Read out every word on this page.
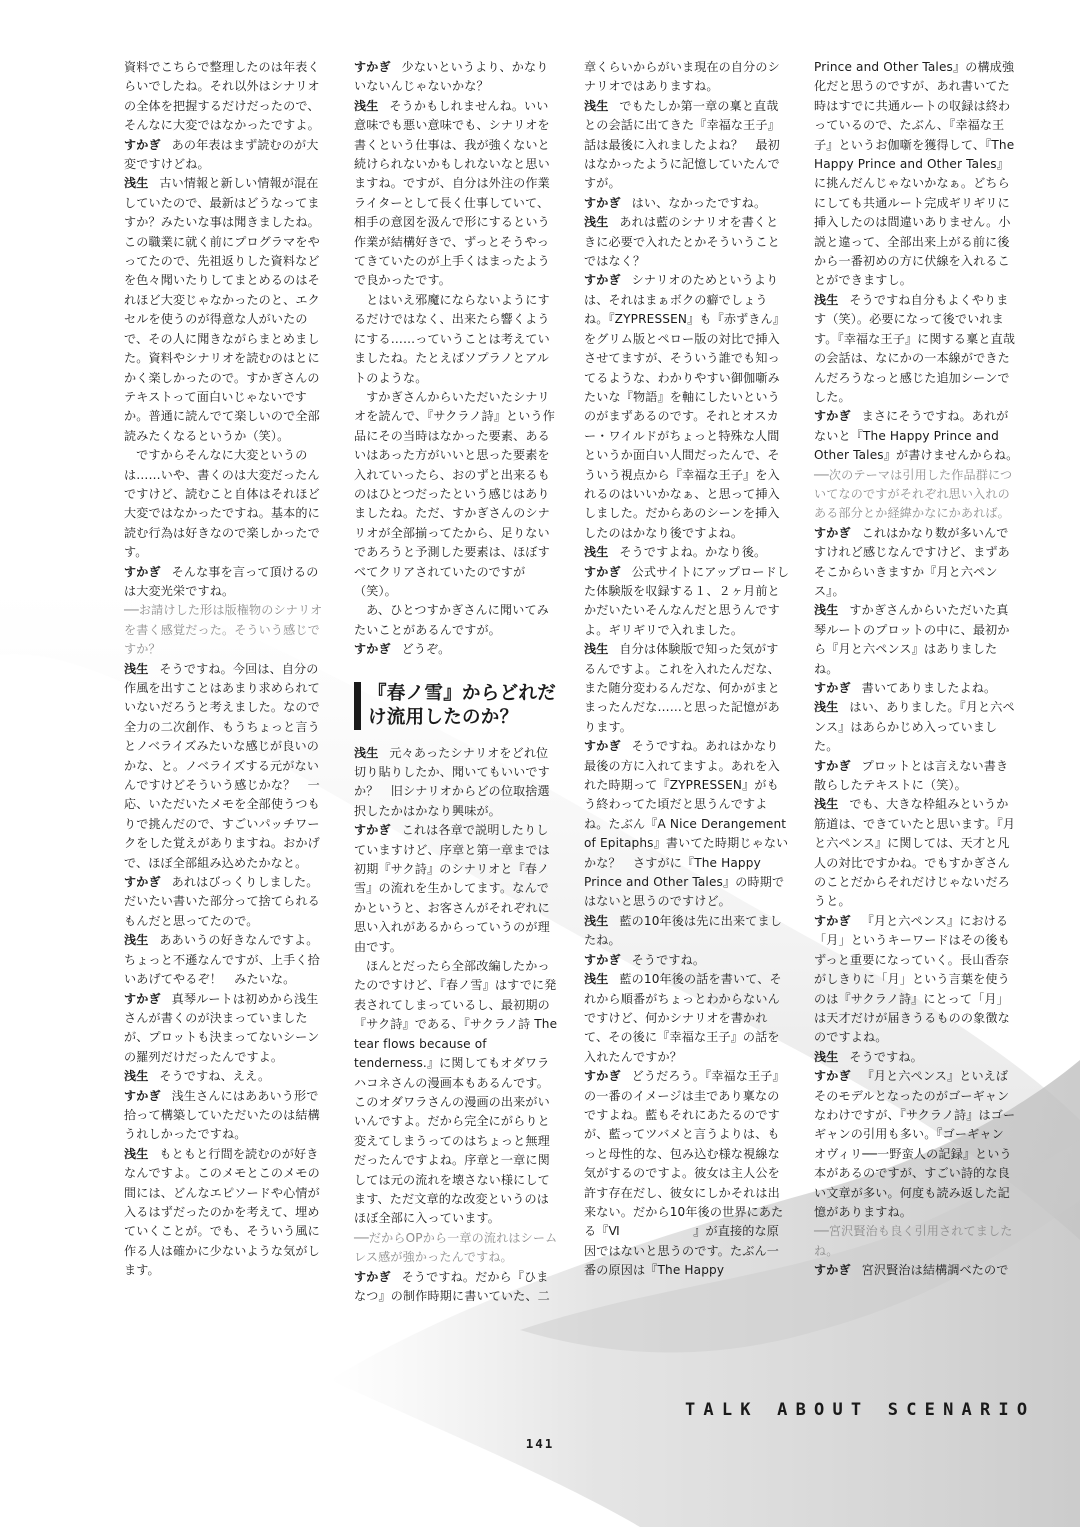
資料でこちらで整理したのは年表くらいでしたね。それ以外はシナリオの全体を把握するだけだったので、そんなに大変ではなかったですよ。

すかぎ あの年表はまず読むのが大変ですけどね。

浅生 古い情報と新しい情報が混在していたので、最新はどうなってますか？みたいな事は聞きましたね。この職業に就く前にプログラマをやってたので、先祖返りした資料などを色々聞いたりしてまとめるのはそれほど大変じゃなかったのと、エクセルを使うのが得意な人がいたので、その人に聞きながらまとめました。資料やシナリオを読むのはとにかく楽しかったので。すかぎさんのテキストって面白いじゃないですか。普通に読んでて楽しいので全部読みたくなるというか（笑）。

ですからそんなに大変というのは……いや、書くのは大変だったんですけど、読むこと自体はそれほど大変ではなかったですね。基本的に読む行為は好きなので楽しかったです。

すかぎ そんな事を言って頂けるのは大変光栄ですね。

──お請けした形は版権物のシナリオを書く感覚だった。そういう感じですか？

浅生 そうですね。今回は、自分の作風を出すことはあまり求められていないだろうと考えました。なので全力の二次創作、もうちょっと言うとノベライズみたいな感じが良いのかな、と。ノベライズする元がないんですけどそういう感じかな？　一応、いただいたメモを全部使うつもりで挑んだので、すごいパッチワークをした覚えがありますね。おかげで、ほぼ全部組み込めたかなと。

すかぎ あれはびっくりしました。だいたい書いた部分って捨てられるもんだと思ってたので。

浅生 ああいうの好きなんですよ。ちょっと不遜なんですが、上手く拾いあげてやるぞ！　みたいな。

すかぎ 真琴ルートは初めから浅生さんが書くのが決まっていましたが、プロットも決まってないシーンの羅列だけだったんですよ。

浅生 そうですね、ええ。

すかぎ 浅生さんにはああいう形で拾って構築していただいたのは結構うれしかったですね。

浅生 もともと行間を読むのが好きなんですよ。このメモとこのメモの間には、どんなエピソードや心情が入るはずだったのかを考えて、埋めていくことが。でも、そういう風に作る人は確かに少ないような気がします。

すかぎ 少ないというより、かなりいないんじゃないかな？

浅生 そうかもしれませんね。いい意味でも悪い意味でも、シナリオを書くという仕事は、我が強くないと続けられないかもしれないなと思いますね。ですが、自分は外注の作業ライターとして長く仕事していて、相手の意図を汲んで形にするという作業が結構好きで、ずっとそうやってきていたのが上手くはまったようで良かったです。

とはいえ邪魔にならないようにするだけではなく、出来たら響くようにする……っていうことは考えていましたね。たとえばソプラノとアルトのような。

すかぎさんからいただいたシナリオを読んで、『サクラノ詩』という作品にその当時はなかった要素、あるいはあった方がいいと思った要素を入れていったら、おのずと出来るものはひとつだったという感じはありましたね。ただ、すかぎさんのシナリオが全部揃ってたから、足りないであろうと予測した要素は、ほぼすべてクリアされていたのですが（笑）。

あ、ひとつすかぎさんに聞いてみたいことがあるんですが。

すかぎ どうぞ。

『春ノ雪』からどれだけ流用したのか？

浅生 元々あったシナリオをどれ位切り貼りしたか、聞いてもいいですか？　旧シナリオからどの位取捨選択したかはかなり興味が。

すかぎ これは各章で説明したりしていますけど、序章と第一章までは初期『サク詩』のシナリオと『春ノ雪』の流れを生かしてます。なんでかというと、お客さんがそれぞれに思い入れがあるからっていうのが理由です。

ほんとだったら全部改編したかったのですけど、『春ノ雪』はすでに発表されてしまっているし、最初期の『サク詩』である、『サクラノ詩 The tear flows because of tenderness.』に関してもオダワラハコネさんの漫画本もあるんです。このオダワラさんの漫画の出来がいいんですよ。だから完全にがらりと変えてしまうってのはちょっと無理だったんですよね。序章と一章に関しては元の流れを壊さない様にしてます、ただ文章的な改変というのはほぼ全部に入っています。

──だからOPから一章の流れはシームレス感が強かったんですね。

すかぎ そうですね。だから『ひまなつ』の制作時期に書いていた、二

章くらいからがいま現在の自分のシナリオではありますね。

浅生 でもたしか第一章の稟と直哉との会話に出てきた『幸福な王子』話は最後に入れましたよね？　最初はなかったように記憶していたんですが。

すかぎ はい、なかったですね。

浅生 あれは藍のシナリオを書くときに必要で入れたとかそういうことではなく？

すかぎ シナリオのためというよりは、それはまぁボクの癖でしょうね。『ZYPRESSEN』も『赤ずきん』をグリム版とペロー版の対比で挿入させてますが、そういう誰でも知ってるような、わかりやすい御伽噺みたいな『物語』を軸にしたいというのがまずあるのです。それとオスカー・ワイルドがちょっと特殊な人間というか面白い人間だったんで、そういう視点から『幸福な王子』を入れるのはいいかなぁ、と思って挿入しました。だからあのシーンを挿入したのはかなり後ですよね。

浅生 そうですよね。かなり後。

すかぎ 公式サイトにアップロードした体験版を収録する１、２ヶ月前とかだいたいそんなんだと思うんですよ。ギリギリで入れました。

浅生 自分は体験版で知った気がするんですよ。これを入れたんだな、また随分変わるんだな、何かがまとまったんだな……と思った記憶があります。

すかぎ そうですね。あれはかなり最後の方に入れてますよ。あれを入れた時期って『ZYPRESSEN』がもう終わってた頃だと思うんですよね。たぶん『A Nice Derangement of Epitaphs』書いてた時期じゃないかな？　さすがに『The Happy Prince and Other Tales』の時期ではないと思うのですけど。

浅生 藍の10年後は先に出来てましたね。

すかぎ そうですね。

浅生 藍の10年後の話を書いて、それから順番がちょっとわからないんですけど、何かシナリオを書かれて、その後に『幸福な王子』の話を入れたんですか？

すかぎ どうだろう。『幸福な王子』の一番のイメージは圭であり稟なのですよね。藍もそれにあたるのですが、藍ってツバメと言うよりは、もっと母性的な、包み込む様な視線な気がするのですよ。彼女は主人公を許す存在だし、彼女にしかそれは出来ない。だから10年後の世界にあたる『Ⅵ　　　　　　』が直接的な原因ではないと思うのです。たぶん一番の原因は『The Happy

Prince and Other Tales』の構成強化だと思うのですが、あれ書いてた時はすでに共通ルートの収録は終わっているので、たぶん、『幸福な王子』というお伽噺を獲得して、『The Happy Prince and Other Tales』に挑んだんじゃないかなぁ。どちらにしても共通ルート完成ギリギリに挿入したのは間違いありません。小説と違って、全部出来上がる前に後から一番初めの方に伏線を入れることができますし。

浅生 そうですね自分もよくやります（笑）。必要になって後でいれます。『幸福な王子』に関する稟と直哉の会話は、なにかの一本線ができたんだろうなっと感じた追加シーンでした。

すかぎ まさにそうですね。あれがないと『The Happy Prince and Other Tales』が書けませんからね。

──次のテーマは引用した作品群についてなのですがそれぞれ思い入れのある部分とか経緯かなにかあれば。

すかぎ これはかなり数が多いんですけれど感じなんですけど、まずあそこからいきますか『月と六ペンス』。

浅生 すかぎさんからいただいた真琴ルートのプロットの中に、最初から『月と六ペンス』はありましたね。

すかぎ 書いてありましたよね。

浅生 はい、ありました。『月と六ペンス』はあらかじめ入っていました。

すかぎ プロットとは言えない書き散らしたテキストに（笑）。

浅生 でも、大きな枠組みというか筋道は、できていたと思います。『月と六ペンス』に関しては、天才と凡人の対比ですかね。でもすかぎさんのことだからそれだけじゃないだろうと。

すかぎ 『月と六ペンス』における「月」というキーワードはその後もずっと重要になっていく。長山香奈がしきりに「月」という言葉を使うのは『サクラノ詩』にとって「月」は天才だけが届きうるものの象徴なのですよね。

浅生 そうですね。

すかぎ 『月と六ペンス』といえばそのモデルとなったのがゴーギャンなわけですが、『サクラノ詩』はゴーギャンの引用も多い。『ゴーギャン オヴィリ──一野蛮人の記録』という本があるのですが、すごい詩的な良い文章が多い。何度も読み返した記憶がありますね。

──宮沢賢治も良く引用されてましたね。

すかぎ 宮沢賢治は結構調べたので

TALK ABOUT SCENARIO
141
